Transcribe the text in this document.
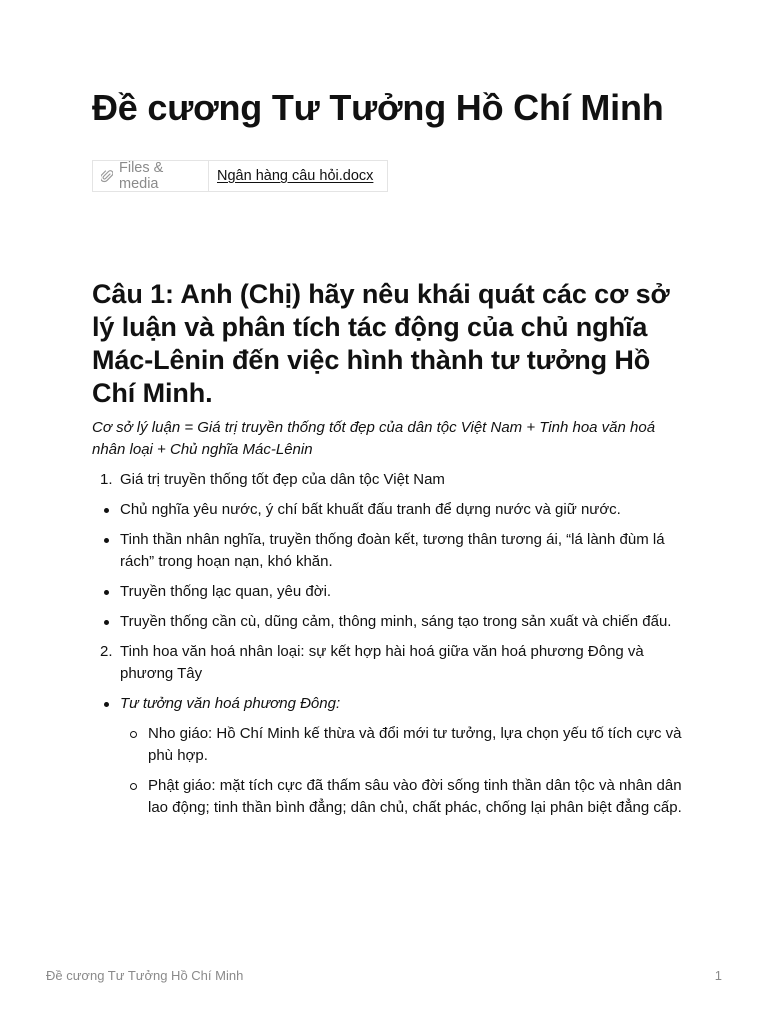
Đề cương Tư Tưởng Hồ Chí Minh
Files & media	Ngân hàng câu hỏi.docx
Câu 1: Anh (Chị) hãy nêu khái quát các cơ sở lý luận và phân tích tác động của chủ nghĩa Mác-Lênin đến việc hình thành tư tưởng Hồ Chí Minh.

Cơ sở lý luận = Giá trị truyền thống tốt đẹp của dân tộc Việt Nam + Tinh hoa văn hoá nhân loại + Chủ nghĩa Mác-Lênin

1. Giá trị truyền thống tốt đẹp của dân tộc Việt Nam
Chủ nghĩa yêu nước, ý chí bất khuất đấu tranh để dựng nước và giữ nước.
Tinh thần nhân nghĩa, truyền thống đoàn kết, tương thân tương ái, “lá lành đùm lá rách” trong hoạn nạn, khó khăn.
Truyền thống lạc quan, yêu đời.
Truyền thống cần cù, dũng cảm, thông minh, sáng tạo trong sản xuất và chiến đấu.
2. Tinh hoa văn hoá nhân loại: sự kết hợp hài hoá giữa văn hoá phương Đông và phương Tây
Tư tưởng văn hoá phương Đông:
Nho giáo: Hồ Chí Minh kế thừa và đổi mới tư tưởng, lựa chọn yếu tố tích cực và phù hợp.
Phật giáo: mặt tích cực đã thấm sâu vào đời sống tinh thần dân tộc và nhân dân lao động; tinh thần bình đẳng; dân chủ, chất phác, chống lại phân biệt đẳng cấp.
Đề cương Tư Tưởng Hồ Chí Minh	1
